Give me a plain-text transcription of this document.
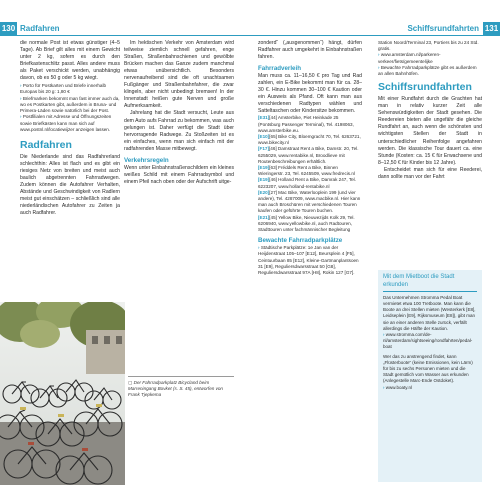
130 Radfahren

die normale Post ist etwas günstiger (4–5 Tage). Ab Brief gilt alles mit einem Gewicht unter 2 kg, sofern es durch den Briefkastenschlitz passt. Alles andere muss als Paket verschickt werden, unabhängig davon, ob es 50 g oder 5 kg wiegt.

› Porto für Postkarten und Briefe innerhalb Europas bis 20 g: 1,80 €

› Briefmarken bekommt man fast immer auch da, wo es Postkarten gibt, außerdem in Bruna- und Primera-Läden sowie natürlich bei der Post.

› Postfilialen mit Adresse und Öffnungszeiten sowie Briefkästen kann man sich auf www.postnl.nl/locatiewijzer anzeigen lassen.

Radfahren

Die Niederlande sind das Radfahrerland schlechthin: Alles ist flach und es gibt ein riesiges Netz von breiten und meist auch baulich abgetrennten Fahrradwegen. Zudem können die Autofahrer Verhalten, Abstände und Geschwindigkeit von Radlern meist gut einschätzen – schließlich sind alle niederländischen Autofahrer zu Zeiten ja auch Radfahrer.

Im hektischen Verkehr von Amsterdam wird teilweise ziemlich schnell gefahren, enge Straßen, Straßenbahnschienen und gewölbte Brücken machen das Ganze zudem manchmal etwas unübersichtlich. Besonders nervenaufreibend sind die oft unachtsamen Fußgänger und Straßenbahnfahrer, die zwar klingeln, aber nicht unbedingt bremsen! In der Innenstadt heißen gute Nerven und große Aufmerksamkeit.

Jahrelang hat die Stadt versucht, Leute aus dem Auto aufs Fahrrad zu bekommen, was auch gelungen ist. Daher verfügt die Stadt über hervorragende Radwege. Zu Stoßzeiten ist es ein einfaches, wenn man sich einfach mit der radfahrenden Masse mitbewegt.

Verkehrsregeln

Wenn unter Einbahnstraßenschildern ein kleines weißes Schild mit einem Fahrradsymbol und einem Pfeil nach oben oder der Aufschrift uitge-

▢ Der Fahrradparkplatz Bicycland beim Marreningang Bovket (s. S. 45), entworfen von Frank Tjepkema
Schiffsrundfahrten 131

zonderd“ („ausgenommen“) hängt, dürfen Radfahrer auch umgekehrt in Einbahnstraßen fahren.

Fahrradverleih

Man muss ca. 11–16,50 € pro Tag und Rad zahlen, ein E-Bike bekommt man für ca. 28–30 €. Hinzu kommen 30–100 € Kaution oder ein Ausweis als Pfand. Oft kann man aus verschiedenen Radtypen wählen und Satteltaschen oder Kindersitze bekommen.

[E31][44] Amsterbike, Piet Heinkade 25 (Pontsburg Passenger Terminal), Tel. 4198063, www.amsterbike.eu.

[E10][65] Bike City, Bloemgracht 70, Tel. 6263721, www.bikecity.nl

[F17][46] Damstraat Rent a Bike, Damstr. 20, Tel. 6255029, www.rentabike.nl, Broodlieve mit Routenbeschreibungen erhältlich.

[E19][63] Fréddels Rent a Bike, Binnen Wieringerstr. 23, Tel. 6245509, www.fredrecis.nl

[E19][46] Holland Rent a Bike, Damrak 247, Tel. 6223207, www.holland-rentabike.nl

[E20][27] Mac Bike, Waterlooplein 199 (und vier andere), Tel. 4287009, www.macbike.nl. Hier kann man auch Broschüren mit verschiedenen Touren kaufen oder geführte Touren buchen.

[E21][45] Yellow Bike, Nieuwezijds Kolk 29, Tel. 6206940, www.yellowbike.nl, auch Radtouren, Stadttouren unter fachmännischer Begleitung

Bewachte Fahrradparkplätze

› Städtische Parkplätze: 1e Jan van der Heijdenstraat 105–107 [E12], Beursplein 4 [F5], Ceintuurbaan 85 [E12], Kleine-Gartmanplantsoen 31 [E9], Reguliersdwarsstraat 50 [G8], Reguliersdwarsstraat 97A [H8], Rokin 127 [G7].

Station Noord/Terminal 23, Portiers bis zu 24 Std. gratis.

› www.amsterdam.nl/parkeren-verkeer/fiets/gemeentelijke

› Bewachte Fahrradparkplätze gibt es außerdem an allen Bahnhöfen.

Schiffsrundfahrten

Mit einer Rundfahrt durch die Grachten hat man in relativ kurzer Zeit alle Sehenswürdigkeiten der Stadt gesehen. Die Reedereien bieten alle ungefähr die gleiche Rundfahrt an, auch wenn die schönsten und wichtigsten Stellen der Stadt in unterschiedlicher Reihenfolge angefahren werden. Die klassische Tour dauert ca. eine Stunde (Kosten: ca. 15 € für Erwachsene und 8–12,50 € für Kinder bis 12 Jahre).

Entscheidet man sich für eine Reederei, dann sollte man vor der Fahrt

Mit dem Mietboot die Stadt erkunden

Das Unternehmen Stromma Pedal Boat vermietet etwa 100 Tretboote. Man kann die Boote an drei Stellen mieten (Westerkerk [E8], Leidseplein [E9], Rijksmuseum [E8]), gibt man sie an einer anderen Stelle zurück, verfällt allerdings die Hälfte der Kaution.

› www.stromma.com/de-nl/amsterdam/sightseeing/rondfahrten/pedal-boat

Wer das zu anstrengend findet, kann „Flüsterboote“ (keine Emissionen, kein Lärm) für bis zu sechs Personen mieten und die Stadt gemütlich vom Wasser aus erkunden (Anlegestelle Marc-Ende Ostdoket).

› www.boaty.nl
